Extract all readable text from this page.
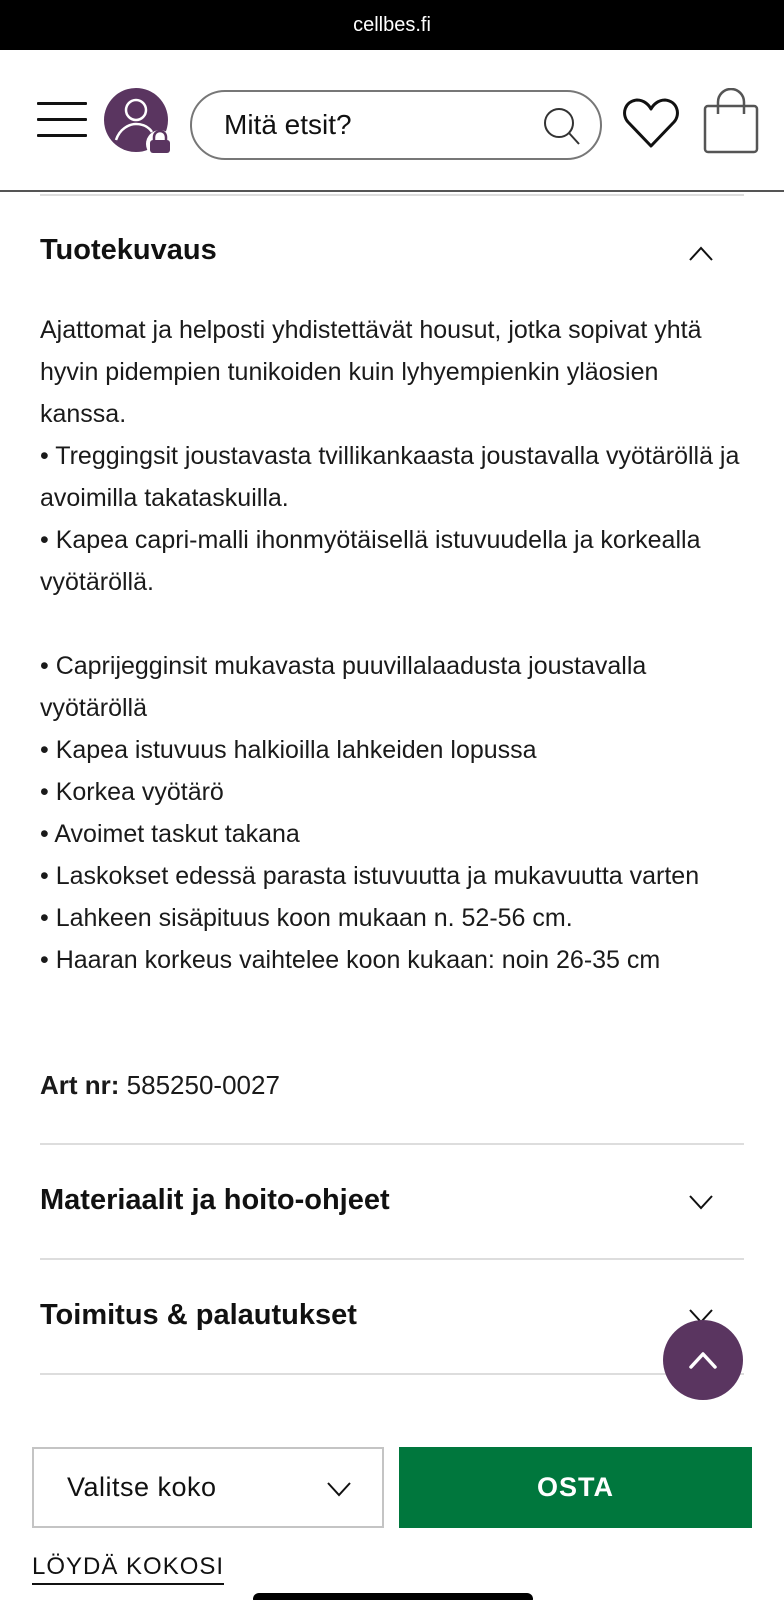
cellbes.fi
Mitä etsit?
Tuotekuvaus

Ajattomat ja helposti yhdistettävät housut, jotka sopivat yhtä hyvin pidempien tunikoiden kuin lyhyempienkin yläosien kanssa.

• Treggingsit joustavasta tvillikankaasta joustavalla vyötäröllä ja avoimilla takataskuilla.

• Kapea capri-malli ihonmyötäisellä istuvuudella ja korkealla vyötäröllä.

• Caprijegginsit mukavasta puuvillalaadusta joustavalla vyötäröllä

• Kapea istuvuus halkioilla lahkeiden lopussa

• Korkea vyötärö

• Avoimet taskut takana

• Laskokset edessä parasta istuvuutta ja mukavuutta varten

• Lahkeen sisäpituus koon mukaan n. 52-56 cm.

• Haaran korkeus vaihtelee koon kukaan: noin 26-35 cm

Art nr: 585250-0027
Materiaalit ja hoito-ohjeet
Toimitus & palautukset
Valitse koko	OSTA
LÖYDÄ KOKOSI
